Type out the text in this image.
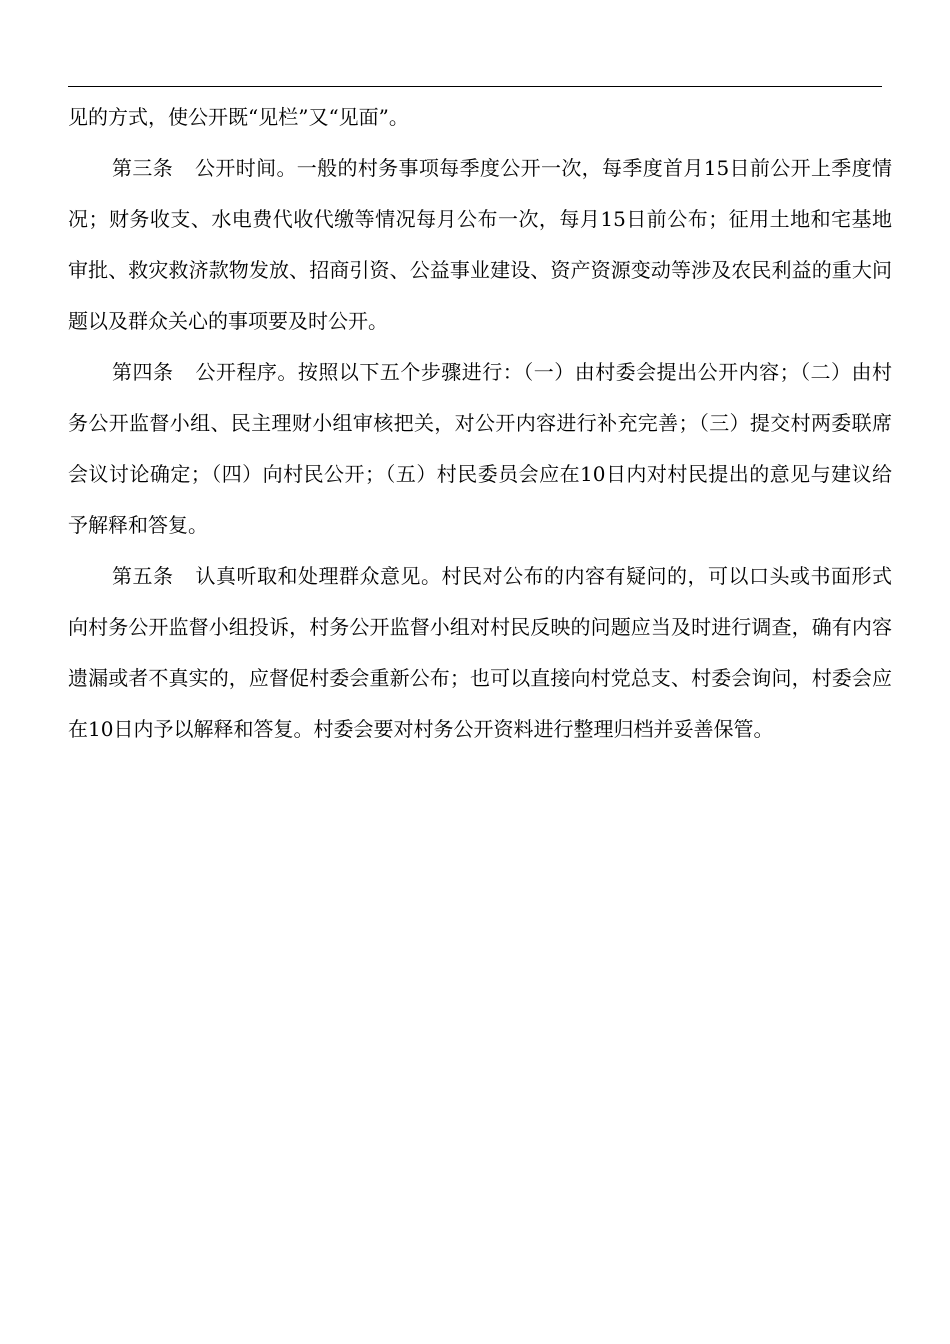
见的方式，使公开既“见栏”又“见面”。

第三条 公开时间。一般的村务事项每季度公开一次，每季度首月15日前公开上季度情况；财务收支、水电费代收代缴等情况每月公布一次，每月15日前公布；征用土地和宅基地审批、救灾救济款物发放、招商引资、公益事业建设、资产资源变动等涉及农民利益的重大问题以及群众关心的事项要及时公开。

第四条 公开程序。按照以下五个步骤进行：（一）由村委会提出公开内容；（二）由村务公开监督小组、民主理财小组审核把关，对公开内容进行补充完善；（三）提交村两委联席会议讨论确定；（四）向村民公开；（五）村民委员会应在10日内对村民提出的意见与建议给予解释和答复。

第五条 认真听取和处理群众意见。村民对公布的内容有疑问的，可以口头或书面形式向村务公开监督小组投诉，村务公开监督小组对村民反映的问题应当及时进行调查，确有内容遗漏或者不真实的，应督促村委会重新公布；也可以直接向村党总支、村委会询问，村委会应在10日内予以解释和答复。村委会要对村务公开资料进行整理归档并妥善保管。
